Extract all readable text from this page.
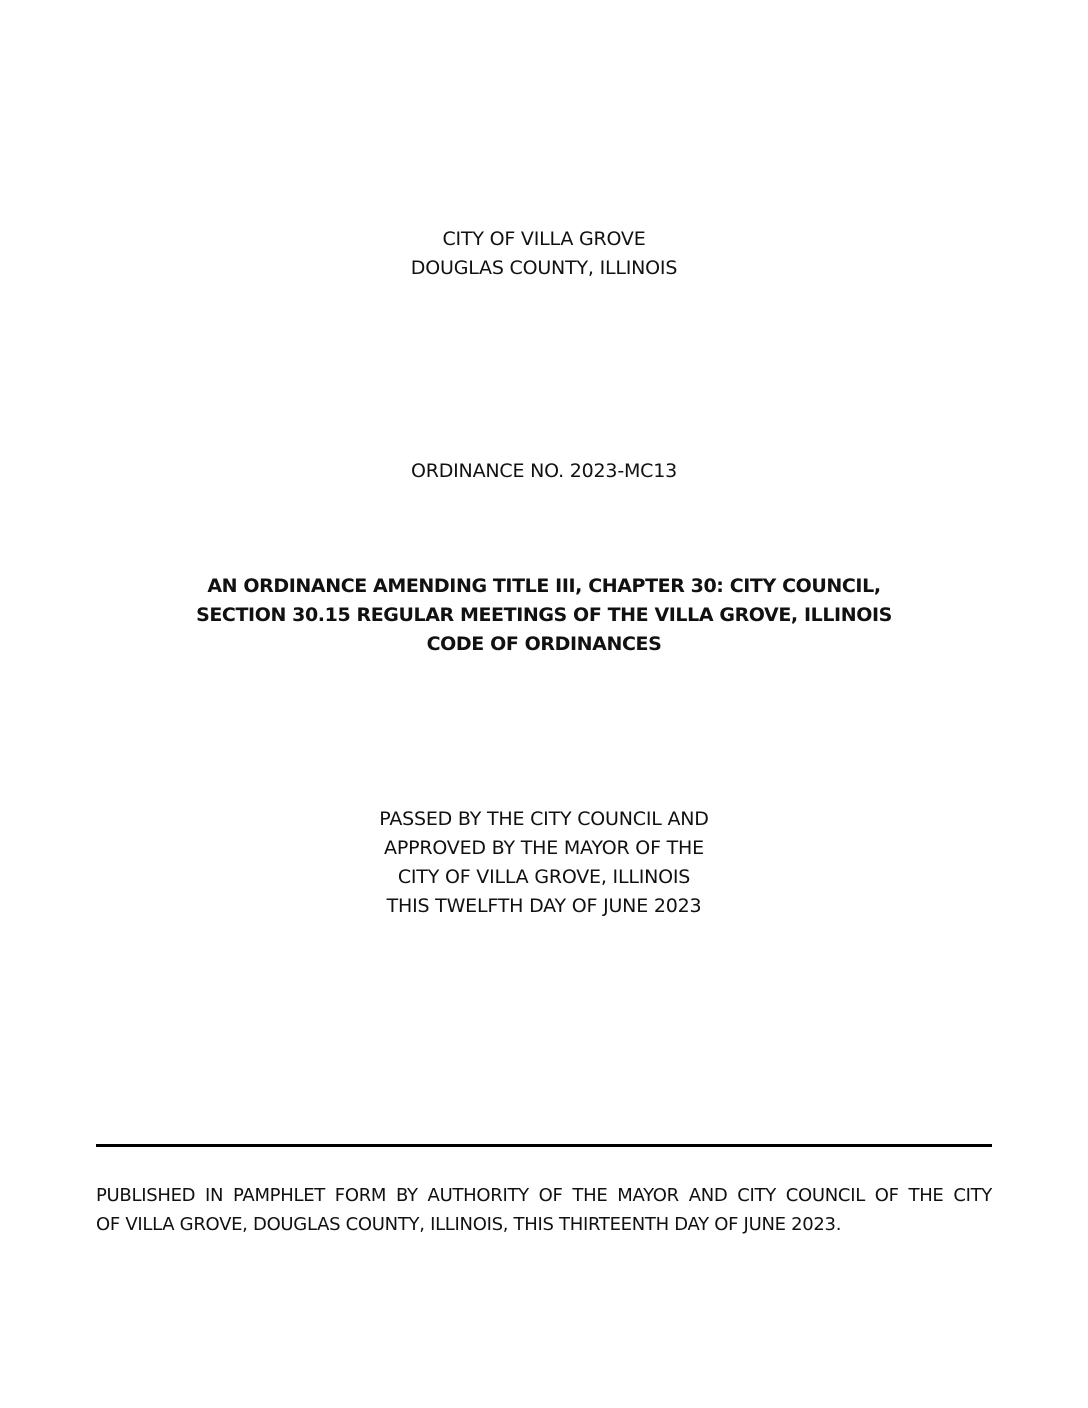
CITY OF VILLA GROVE
DOUGLAS COUNTY, ILLINOIS
ORDINANCE NO. 2023-MC13
AN ORDINANCE AMENDING TITLE III, CHAPTER 30: CITY COUNCIL,
SECTION 30.15 REGULAR MEETINGS OF THE VILLA GROVE, ILLINOIS
CODE OF ORDINANCES
PASSED BY THE CITY COUNCIL AND
APPROVED BY THE MAYOR OF THE
CITY OF VILLA GROVE, ILLINOIS
THIS TWELFTH DAY OF JUNE 2023
PUBLISHED IN PAMPHLET FORM BY AUTHORITY OF THE MAYOR AND CITY COUNCIL OF THE CITY
OF VILLA GROVE, DOUGLAS COUNTY, ILLINOIS, THIS THIRTEENTH DAY OF JUNE 2023.
